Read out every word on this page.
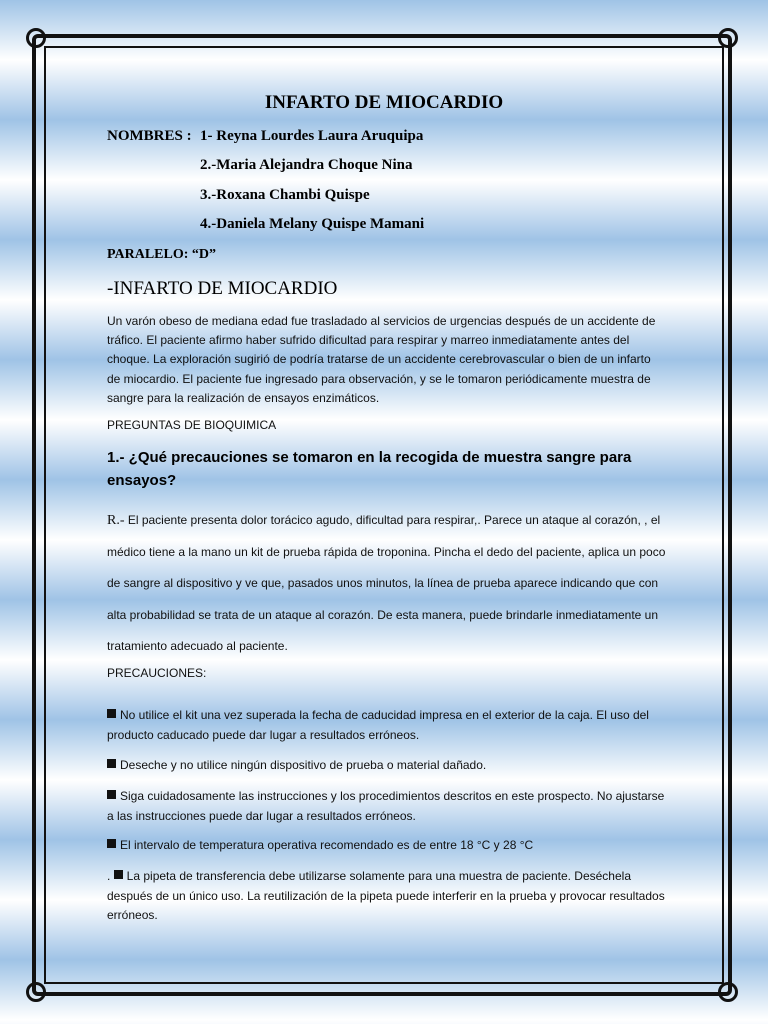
INFARTO DE MIOCARDIO
NOMBRES : 1- Reyna Lourdes Laura Aruquipa
2.-Maria Alejandra Choque Nina
3.-Roxana Chambi Quispe
4.-Daniela Melany Quispe Mamani
PARALELO: “D”
-INFARTO DE MIOCARDIO
Un varón obeso de mediana edad fue trasladado al servicios de urgencias después de un accidente de tráfico. El paciente afirmo haber sufrido dificultad para respirar y marreo inmediatamente antes del choque. La exploración sugirió de podría tratarse de un accidente cerebrovascular o bien de un infarto de miocardio. El paciente fue ingresado para observación, y se le tomaron periódicamente muestra de sangre para la realización de ensayos enzimáticos.
PREGUNTAS DE BIOQUIMICA
1.- ¿Qué precauciones se tomaron en la recogida de muestra sangre para ensayos?
R.- El paciente presenta dolor torácico agudo, dificultad para respirar,. Parece un ataque al corazón, , el médico tiene a la mano un kit de prueba rápida de troponina. Pincha el dedo del paciente, aplica un poco de sangre al dispositivo y ve que, pasados unos minutos, la línea de prueba aparece indicando que con alta probabilidad se trata de un ataque al corazón. De esta manera, puede brindarle inmediatamente un tratamiento adecuado al paciente.
PRECAUCIONES:
No utilice el kit una vez superada la fecha de caducidad impresa en el exterior de la caja. El uso del producto caducado puede dar lugar a resultados erróneos.
Deseche y no utilice ningún dispositivo de prueba o material dañado.
Siga cuidadosamente las instrucciones y los procedimientos descritos en este prospecto. No ajustarse a las instrucciones puede dar lugar a resultados erróneos.
El intervalo de temperatura operativa recomendado es de entre 18 °C y 28 °C
. La pipeta de transferencia debe utilizarse solamente para una muestra de paciente. Deséchela después de un único uso. La reutilización de la pipeta puede interferir en la prueba y provocar resultados erróneos.
